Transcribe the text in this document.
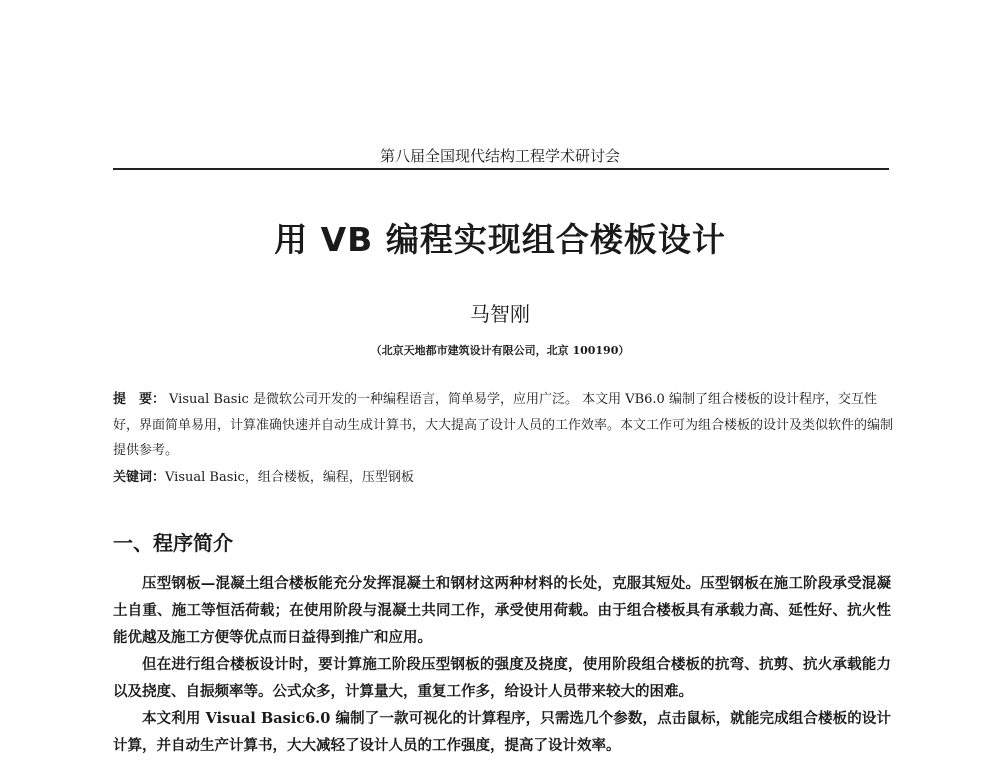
第八届全国现代结构工程学术研讨会
用 VB 编程实现组合楼板设计
马智刚
（北京天地都市建筑设计有限公司，北京 100190）
提　要： Visual Basic 是微软公司开发的一种编程语言，简单易学，应用广泛。 本文用 VB6.0 编制了组合楼板的设计程序，交互性好，界面简单易用，计算准确快速并自动生成计算书，大大提高了设计人员的工作效率。本文工作可为组合楼板的设计及类似软件的编制提供参考。
关键词：Visual Basic，组合楼板，编程，压型钢板
一、程序简介

压型钢板—混凝土组合楼板能充分发挥混凝土和钢材这两种材料的长处，克服其短处。压型钢板在施工阶段承受混凝土自重、施工等恒活荷载；在使用阶段与混凝土共同工作，承受使用荷载。由于组合楼板具有承载力高、延性好、抗火性能优越及施工方便等优点而日益得到推广和应用。

但在进行组合楼板设计时，要计算施工阶段压型钢板的强度及挠度，使用阶段组合楼板的抗弯、抗剪、抗火承载能力以及挠度、自振频率等。公式众多，计算量大，重复工作多，给设计人员带来较大的困难。

本文利用 Visual Basic6.0 编制了一款可视化的计算程序，只需选几个参数，点击鼠标，就能完成组合楼板的设计计算，并自动生产计算书，大大减轻了设计人员的工作强度，提高了设计效率。
